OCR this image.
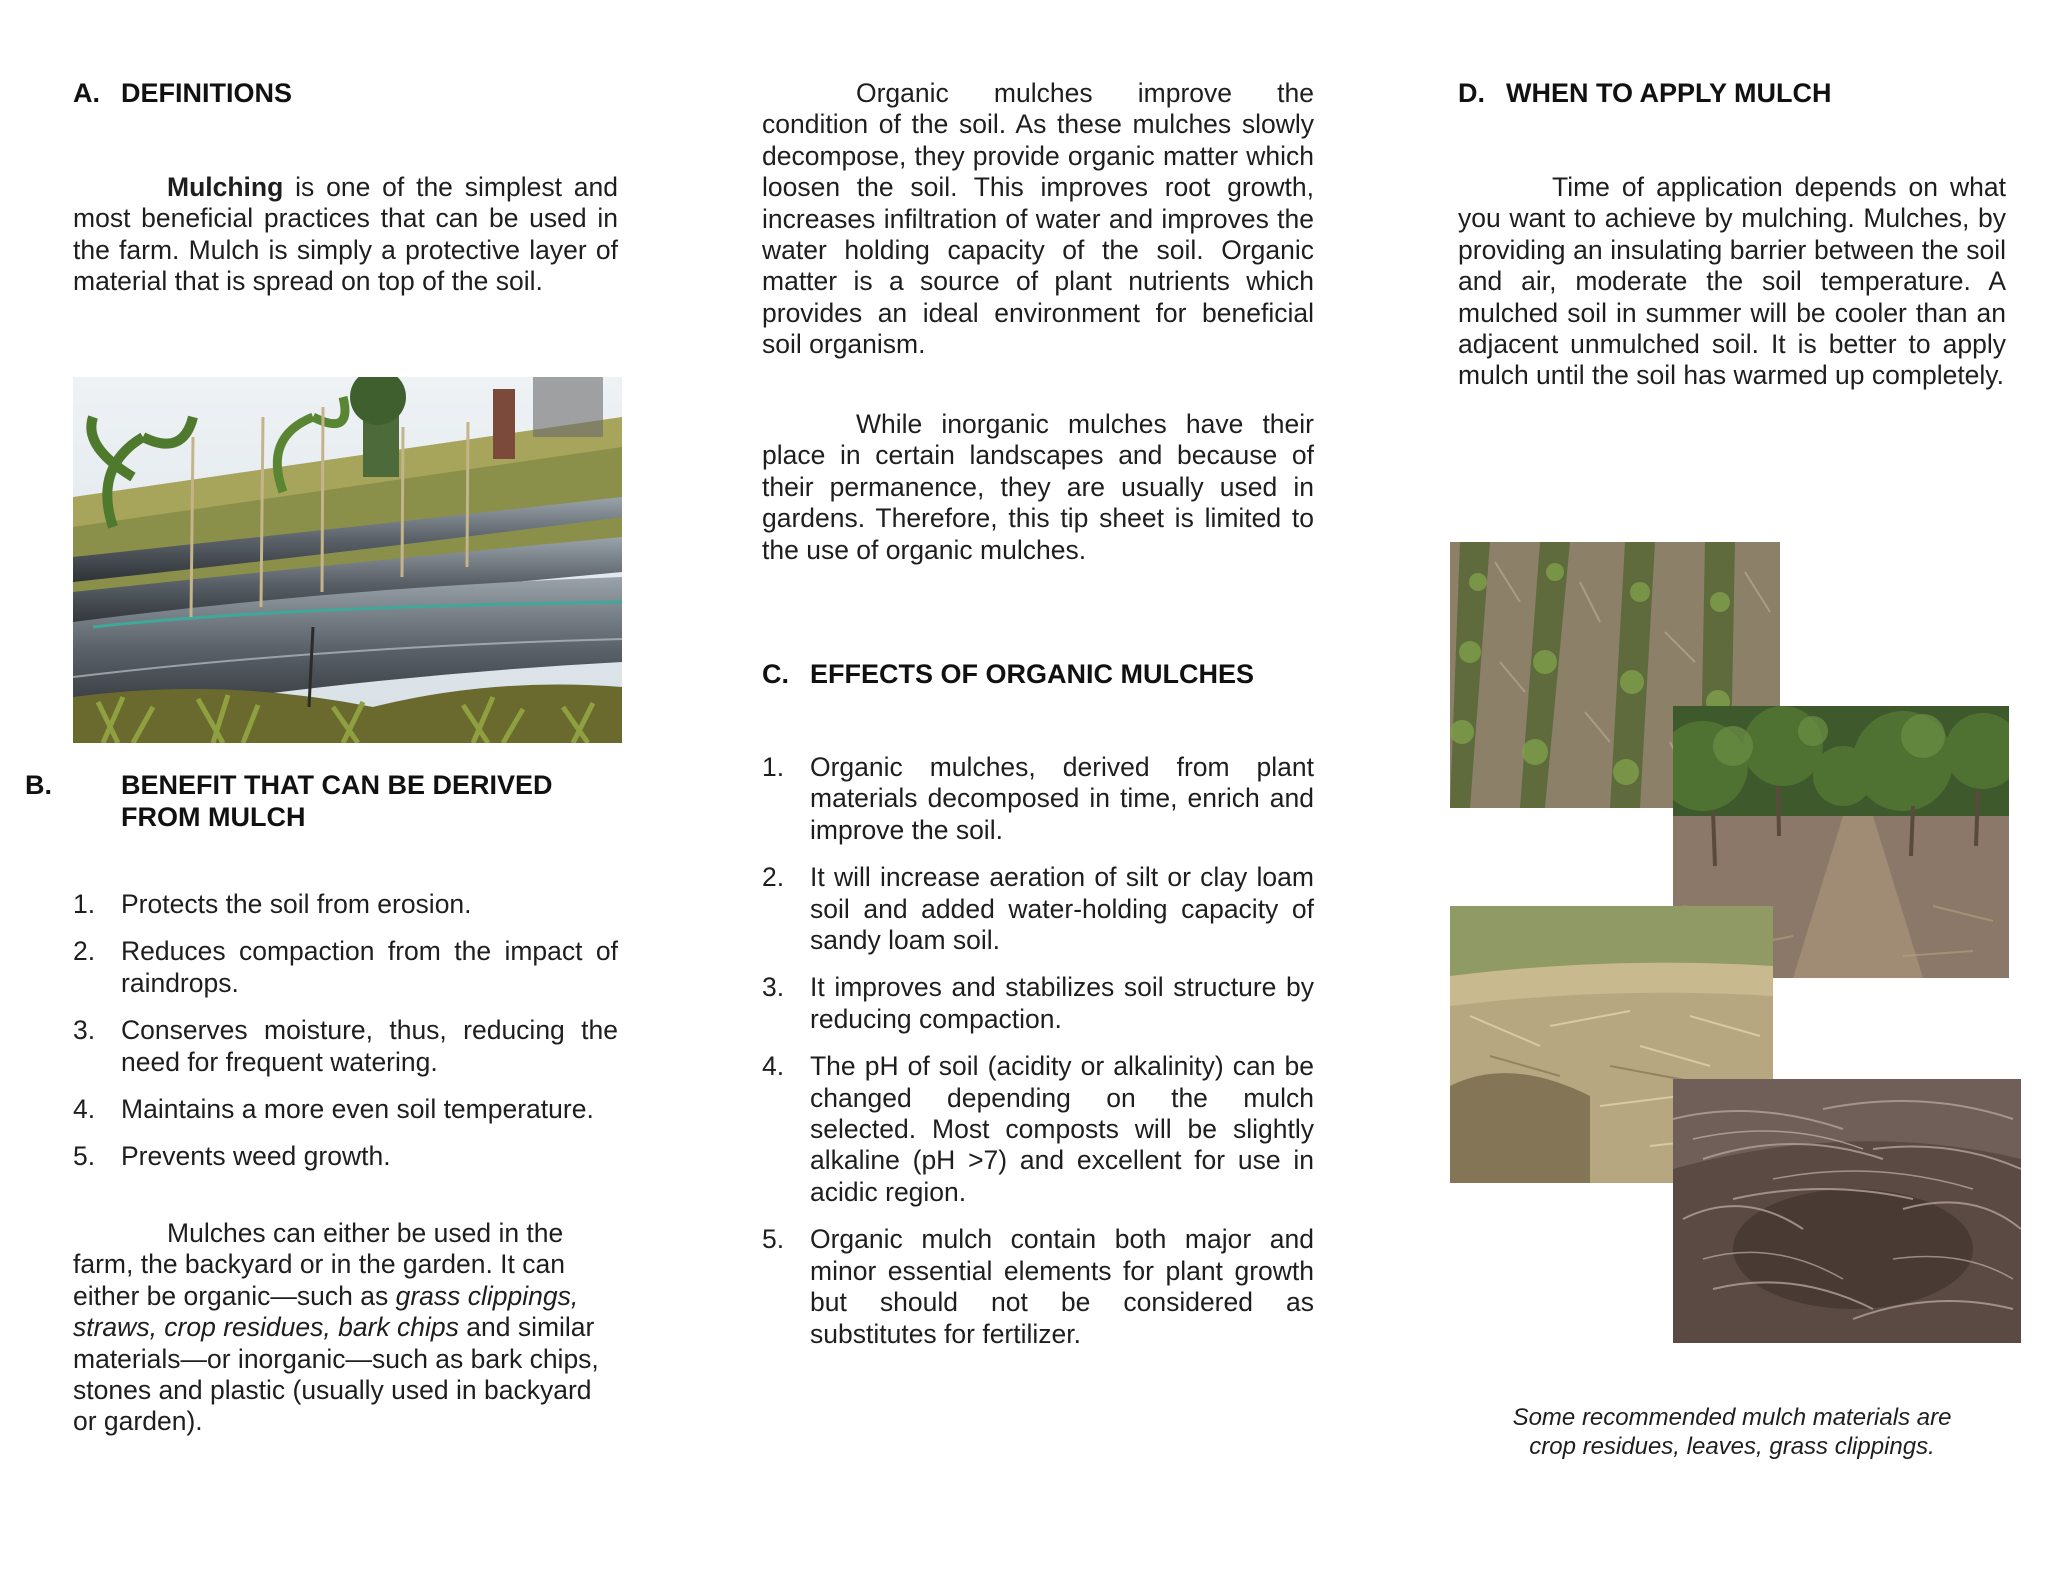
A. DEFINITIONS

Mulching is one of the simplest and most beneficial practices that can be used in the farm. Mulch is simply a protective layer of material that is spread on top of the soil.

B.	BENEFIT THAT CAN BE DERIVED FROM MULCH
1. Protects the soil from erosion.
2. Reduces compaction from the impact of raindrops.
3. Conserves moisture, thus, reducing the need for frequent watering.
4. Maintains a more even soil temperature.
5. Prevents weed growth.

Mulches can either be used in the farm, the backyard or in the garden. It can either be organic—such as grass clippings, straws, crop residues, bark chips and similar materials—or inorganic—such as bark chips, stones and plastic (usually used in backyard or garden).

Organic mulches improve the condition of the soil. As these mulches slowly decompose, they provide organic matter which loosen the soil. This improves root growth, increases infiltration of water and improves the water holding capacity of the soil. Organic matter is a source of plant nutrients which provides an ideal environment for beneficial soil organism.

While inorganic mulches have their place in certain landscapes and because of their permanence, they are usually used in gardens. Therefore, this tip sheet is limited to the use of organic mulches.

C. EFFECTS OF ORGANIC MULCHES
1. Organic mulches, derived from plant materials decomposed in time, enrich and improve the soil.
2. It will increase aeration of silt or clay loam soil and added water-holding capacity of sandy loam soil.
3. It improves and stabilizes soil structure by reducing compaction.
4. The pH of soil (acidity or alkalinity) can be changed depending on the mulch selected. Most composts will be slightly alkaline (pH >7) and excellent for use in acidic region.
5. Organic mulch contain both major and minor essential elements for plant growth but should not be considered as substitutes for fertilizer.
D. WHEN TO APPLY MULCH

Time of application depends on what you want to achieve by mulching. Mulches, by providing an insulating barrier between the soil and air, moderate the soil temperature. A mulched soil in summer will be cooler than an adjacent unmulched soil. It is better to apply mulch until the soil has warmed up completely.

Some recommended mulch materials are
crop residues, leaves, grass clippings.
